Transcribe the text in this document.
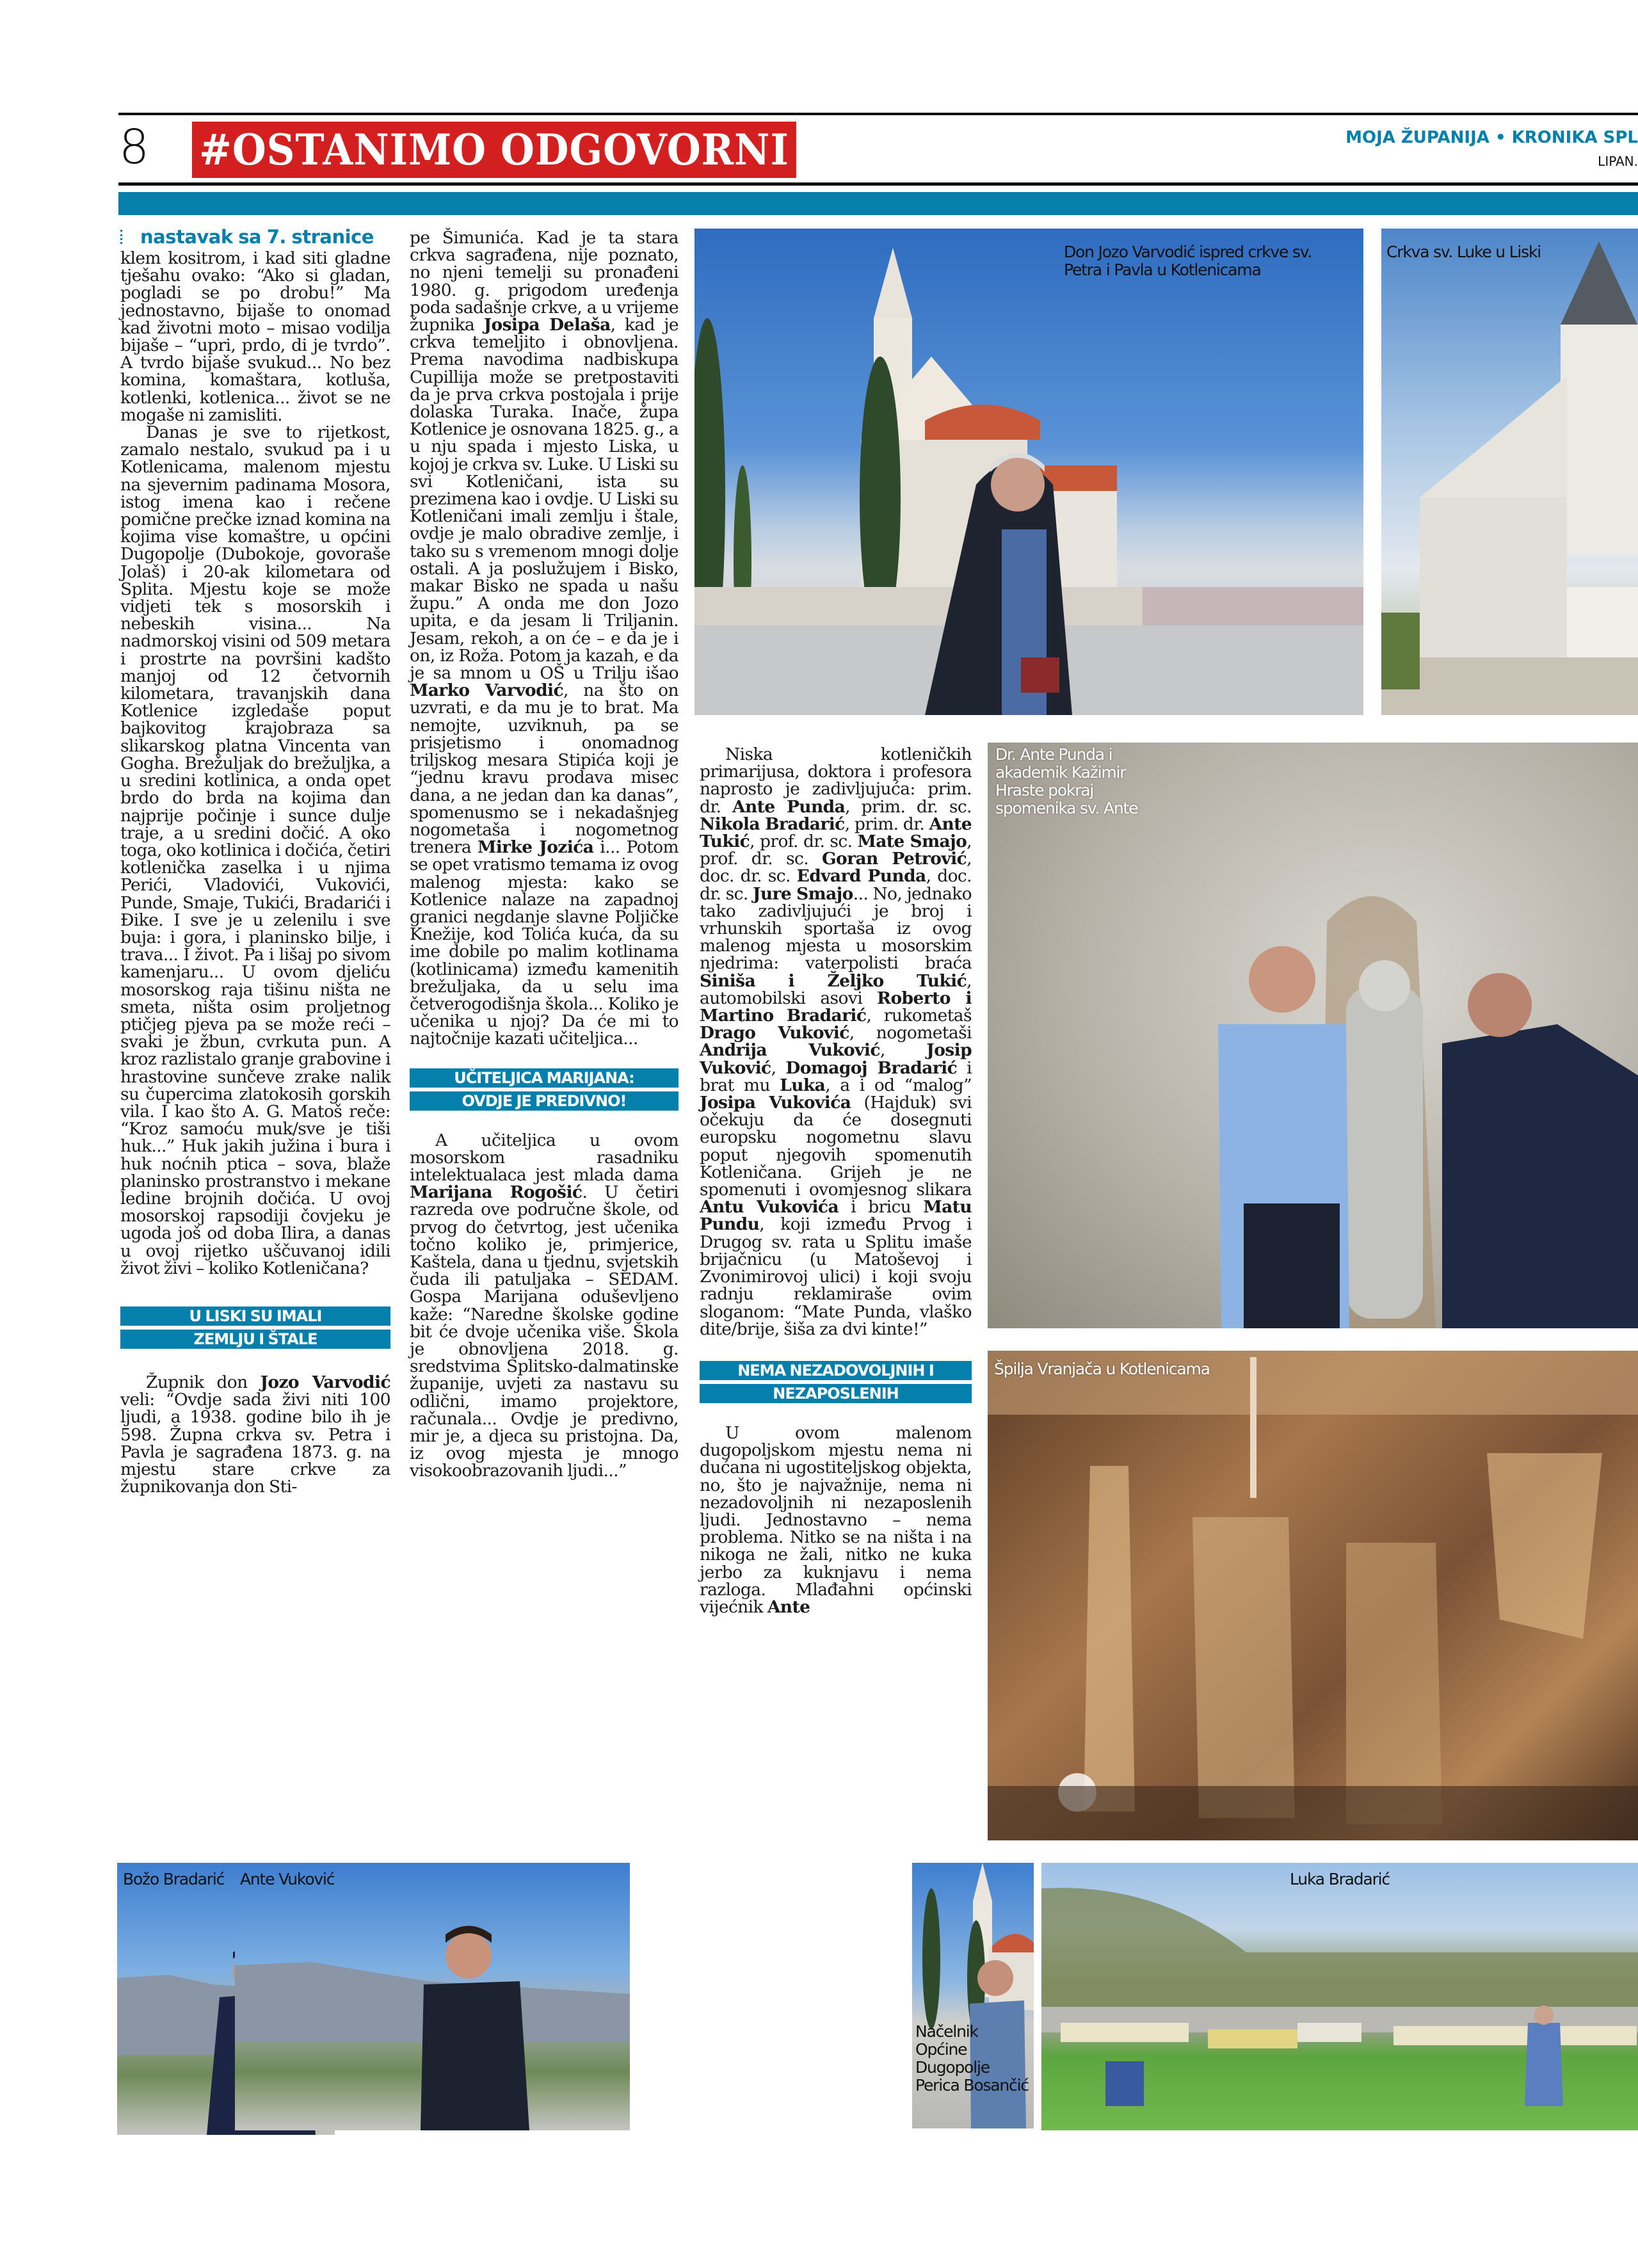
8 #OSTANIMO ODGOVORNI	MOJA ŽUPANIJA • KRONIKA SPL
LIPAN.
nastavak sa 7. stranice

klem kositrom, i kad siti gladne tješahu ovako: “Ako si gladan, pogladi se po drobu!” Ma jednostavno, bijaše to onomad kad životni moto – misao vodilja bijaše – “upri, prdo, di je tvrdo”. A tvrdo bijaše svukud... No bez komina, komaštara, kotluša, kotlenki, kotlenica... život se ne mogaše ni zamisliti.

Danas je sve to rijetkost, zamalo nestalo, svukud pa i u Kotlenicama, malenom mjestu na sjevernim padinama Mosora, istog imena kao i rečene pomične prečke iznad komina na kojima vise komaštre, u općini Dugopolje (Dubokoje, govoraše Jolaš) i 20-ak kilometara od Splita. Mjestu koje se može vidjeti tek s mosorskih i nebeskih visina... Na nadmorskoj visini od 509 metara i prostrte na površini kadšto manjoj od 12 četvornih kilometara, travanjskih dana Kotlenice izgledaše poput bajkovitog krajobraza sa slikarskog platna Vincenta van Gogha. Brežuljak do brežuljka, a u sredini kotlinica, a onda opet brdo do brda na kojima dan najprije počinje i sunce dulje traje, a u sredini dočić. A oko toga, oko kotlinica i dočića, četiri kotlenička zaselka i u njima Perići, Vladovići, Vukovići, Punde, Smaje, Tukići, Bradarići i Đike. I sve je u zelenilu i sve buja: i gora, i planinsko bilje, i trava... I život. Pa i lišaj po sivom kamenjaru... U ovom djeliću mosorskog raja tišinu ništa ne smeta, ništa osim proljetnog ptičjeg pjeva pa se može reći – svaki je žbun, cvrkuta pun. A kroz razlistalo granje grabovine i hrastovine sunčeve zrake nalik su čupercima zlatokosih gorskih vila. I kao što A. G. Matoš reče: “Kroz samoću muk/sve je tiši huk...” Huk jakih južina i bura i huk noćnih ptica – sova, blaže planinsko prostranstvo i mekane ledine brojnih dočića. U ovoj mosorskoj rapsodiji čovjeku je ugoda još od doba Ilira, a danas u ovoj rijetko uščuvanoj idili život živi – koliko Kotleničana?

U LISKI SU IMALI
ZEMLJU I ŠTALE

Župnik don Jozo Varvodić veli: “Ovdje sada živi niti 100 ljudi, a 1938. godine bilo ih je 598. Župna crkva sv. Petra i Pavla je sagrađena 1873. g. na mjestu stare crkve za župnikovanja don Sti-

pe Šimunića. Kad je ta stara crkva sagrađena, nije poznato, no njeni temelji su pronađeni 1980. g. prigodom uređenja poda sadašnje crkve, a u vrijeme župnika Josipa Delaša, kad je crkva temeljito i obnovljena. Prema navodima nadbiskupa Cupillija može se pretpostaviti da je prva crkva postojala i prije dolaska Turaka. Inače, župa Kotlenice je osnovana 1825. g., a u nju spada i mjesto Liska, u kojoj je crkva sv. Luke. U Liski su svi Kotleničani, ista su prezimena kao i ovdje. U Liski su Kotleničani imali zemlju i štale, ovdje je malo obradive zemlje, i tako su s vremenom mnogi dolje ostali. A ja poslužujem i Bisko, makar Bisko ne spada u našu župu.” A onda me don Jozo upita, e da jesam li Triljanin. Jesam, rekoh, a on će – e da je i on, iz Roža. Potom ja kazah, e da je sa mnom u OŠ u Trilju išao Marko Varvodić, na što on uzvrati, e da mu je to brat. Ma nemojte, uzviknuh, pa se prisjetismo i onomadnog triljskog mesara Stipića koji je “jednu kravu prodava misec dana, a ne jedan dan ka danas”, spomenusmo se i nekadašnjeg nogometaša i nogometnog trenera Mirke Jozića i... Potom se opet vratismo temama iz ovog malenog mjesta: kako se Kotlenice nalaze na zapadnoj granici negdanje slavne Poljičke Knežije, kod Tolića kuća, da su ime dobile po malim kotlinama (kotlinicama) između kamenitih brežuljaka, da u selu ima četverogodišnja škola... Koliko je učenika u njoj? Da će mi to najtočnije kazati učiteljica...

UČITELJICA MARIJANA:
OVDJE JE PREDIVNO!

A učiteljica u ovom mosorskom rasadniku intelektualaca jest mlada dama Marijana Rogošić. U četiri razreda ove područne škole, od prvog do četvrtog, jest učenika točno koliko je, primjerice, Kaštela, dana u tjednu, svjetskih čuda ili patuljaka – SEDAM. Gospa Marijana oduševljeno kaže: “Naredne školske godine bit će dvoje učenika više. Škola je obnovljena 2018. g. sredstvima Splitsko-dalmatinske županije, uvjeti za nastavu su odlični, imamo projektore, računala... Ovdje je predivno, mir je, a djeca su pristojna. Da, iz ovog mjesta je mnogo visokoobrazovanih ljudi...”

Niska kotleničkih primarijusa, doktora i profesora naprosto je zadivljujuća: prim. dr. Ante Punda, prim. dr. sc. Nikola Bradarić, prim. dr. Ante Tukić, prof. dr. sc. Mate Smajo, prof. dr. sc. Goran Petrović, doc. dr. sc. Edvard Punda, doc. dr. sc. Jure Smajo... No, jednako tako zadivljujući je broj i vrhunskih sportaša iz ovog malenog mjesta u mosorskim njedrima: vaterpolisti braća Siniša i Željko Tukić, automobilski asovi Roberto i Martino Bradarić, rukometaš Drago Vuković, nogometaši Andrija Vuković, Josip Vuković, Domagoj Bradarić i brat mu Luka, a i od “malog” Josipa Vukovića (Hajduk) svi očekuju da će dosegnuti europsku nogometnu slavu poput njegovih spomenutih Kotleničana. Grijeh je ne spomenuti i ovomjesnog slikara Antu Vukovića i bricu Matu Pundu, koji između Prvog i Drugog sv. rata u Splitu imaše brijačnicu (u Matoševoj i Zvonimirovoj ulici) i koji svoju radnju reklamiraše ovim sloganom: “Mate Punda, vlaško dite/brije, šiša za dvi kinte!”

NEMA NEZADOVOLJNIH I
NEZAPOSLENIH

U ovom malenom dugopoljskom mjestu nema ni dućana ni ugostiteljskog objekta, no, što je najvažnije, nema ni nezadovoljnih ni nezaposlenih ljudi. Jednostavno – nema problema. Nitko se na ništa i na nikoga ne žali, nitko ne kuka jerbo za kuknjavu i nema razloga. Mlađahni općinski vijećnik Ante

Don Jozo Varvodić ispred crkve sv. Petra i Pavla u Kotlenicama
Crkva sv. Luke u Liski
Dr. Ante Punda i akademik Kažimir Hraste pokraj spomenika sv. Ante
Špilja Vranjača u Kotlenicama
Božo Bradarić Ante Vuković
Načelnik Općine Dugopolje Perica Bosančić
Luka Bradarić
